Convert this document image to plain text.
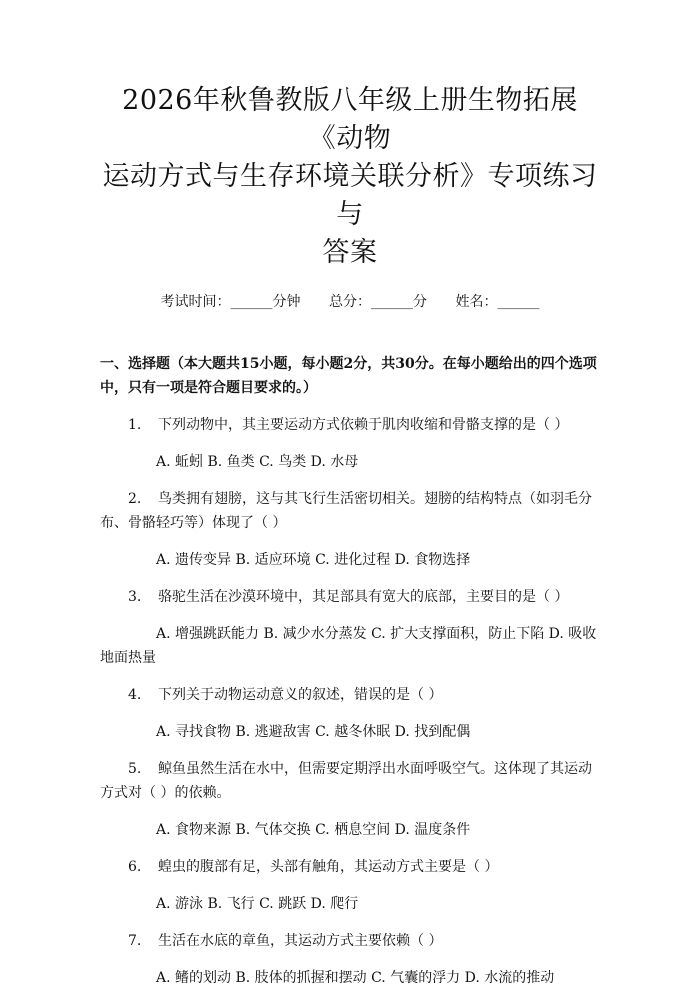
2026年秋鲁教版八年级上册生物拓展《动物
运动方式与生存环境关联分析》专项练习与
答案
考试时间：______分钟 总分：______分 姓名：______
一、选择题（本大题共15小题，每小题2分，共30分。在每小题给出的四个选项中，只有一项是符合题目要求的。）
1. 下列动物中，其主要运动方式依赖于肌肉收缩和骨骼支撑的是（ ）
A. 蚯蚓 B. 鱼类 C. 鸟类 D. 水母
2. 鸟类拥有翅膀，这与其飞行生活密切相关。翅膀的结构特点（如羽毛分布、骨骼轻巧等）体现了（ ）
A. 遗传变异 B. 适应环境 C. 进化过程 D. 食物选择
3. 骆驼生活在沙漠环境中，其足部具有宽大的底部，主要目的是（ ）
A. 增强跳跃能力 B. 减少水分蒸发 C. 扩大支撑面积，防止下陷 D. 吸收地面热量
4. 下列关于动物运动意义的叙述，错误的是（ ）
A. 寻找食物 B. 逃避敌害 C. 越冬休眠 D. 找到配偶
5. 鲸鱼虽然生活在水中，但需要定期浮出水面呼吸空气。这体现了其运动方式对（ ）的依赖。
A. 食物来源 B. 气体交换 C. 栖息空间 D. 温度条件
6. 蝗虫的腹部有足，头部有触角，其运动方式主要是（ ）
A. 游泳 B. 飞行 C. 跳跃 D. 爬行
7. 生活在水底的章鱼，其运动方式主要依赖（ ）
A. 鳍的划动 B. 肢体的抓握和摆动 C. 气囊的浮力 D. 水流的推动
